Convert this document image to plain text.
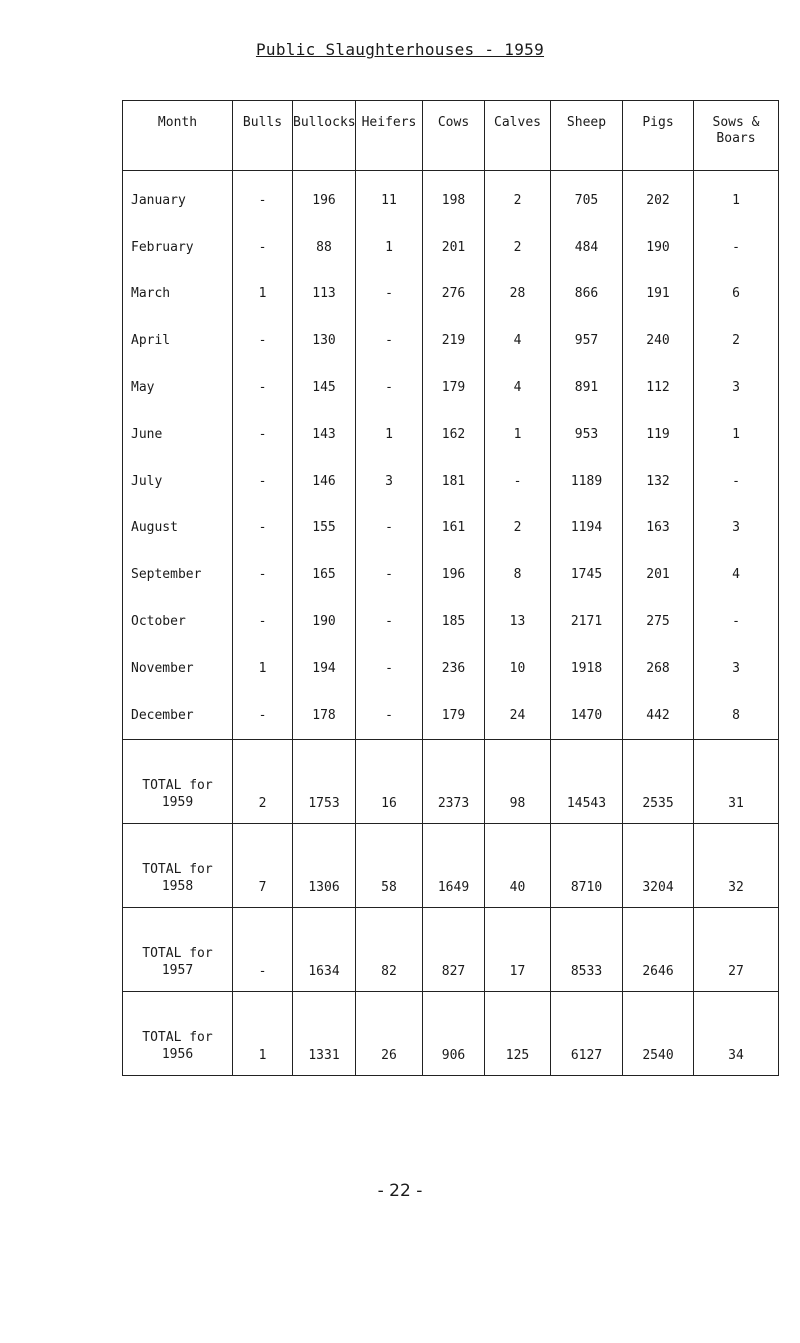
Public Slaughterhouses - 1959
Month	Bulls	Bullocks	Heifers	Cows	Calves	Sheep	Pigs	Sows & Boars
January	-	196	11	198	2	705	202	1
February	-	88	1	201	2	484	190	-
March	1	113	-	276	28	866	191	6
April	-	130	-	219	4	957	240	2
May	-	145	-	179	4	891	112	3
June	-	143	1	162	1	953	119	1
July	-	146	3	181	-	1189	132	-
August	-	155	-	161	2	1194	163	3
September	-	165	-	196	8	1745	201	4
October	-	190	-	185	13	2171	275	-
November	1	194	-	236	10	1918	268	3
December	-	178	-	179	24	1470	442	8

TOTAL for
1959	2	1753	16	2373	98	14543	2535	31

TOTAL for
1958	7	1306	58	1649	40	8710	3204	32

TOTAL for
1957	-	1634	82	827	17	8533	2646	27

TOTAL for
1956	1	1331	26	906	125	6127	2540	34
- 22 -
